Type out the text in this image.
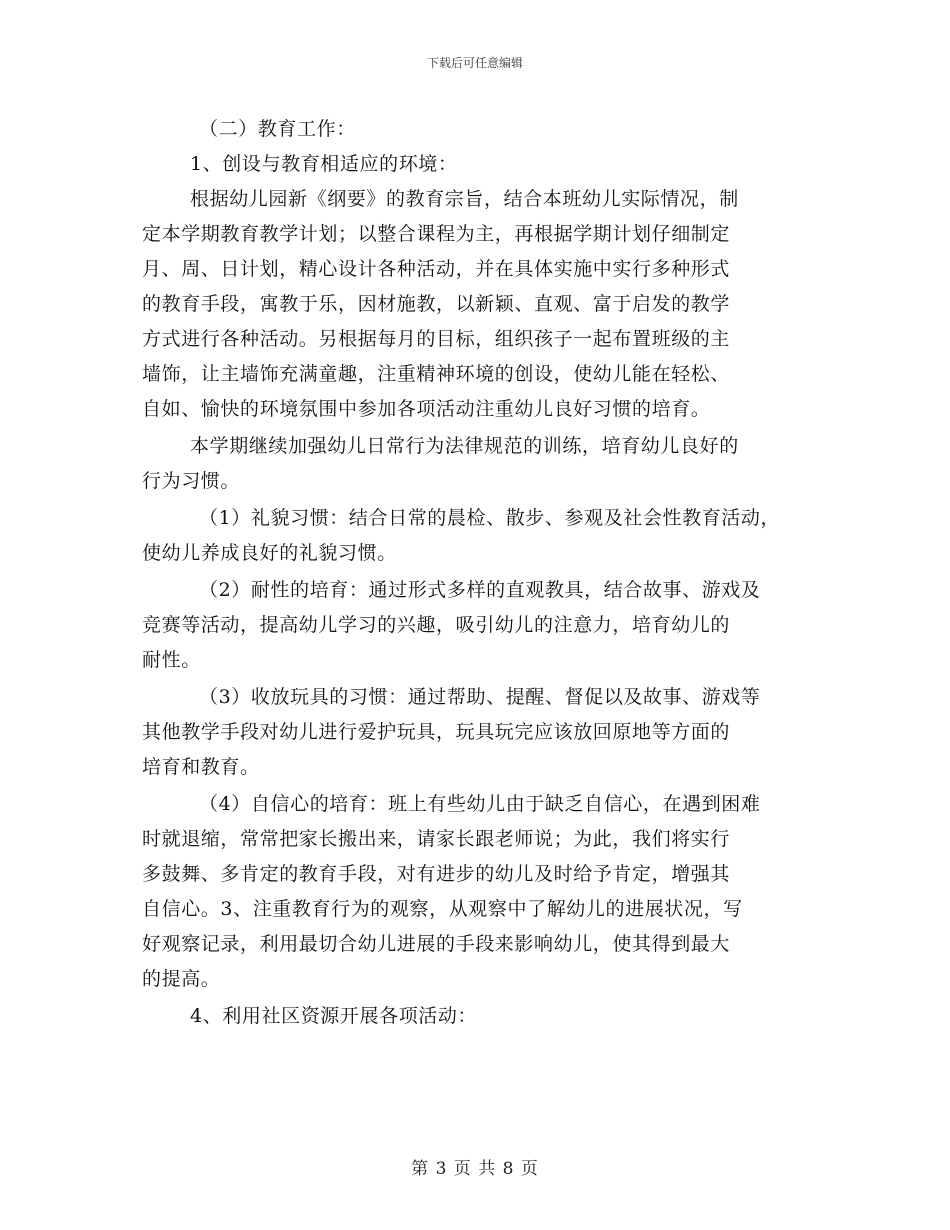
下载后可任意编辑
（二）教育工作：
1、创设与教育相适应的环境：
根据幼儿园新《纲要》的教育宗旨，结合本班幼儿实际情况，制
定本学期教育教学计划；以整合课程为主，再根据学期计划仔细制定
月、周、日计划，精心设计各种活动，并在具体实施中实行多种形式
的教育手段，寓教于乐，因材施教，以新颖、直观、富于启发的教学
方式进行各种活动。另根据每月的目标，组织孩子一起布置班级的主
墙饰，让主墙饰充满童趣，注重精神环境的创设，使幼儿能在轻松、
自如、愉快的环境氛围中参加各项活动注重幼儿良好习惯的培育。
本学期继续加强幼儿日常行为法律规范的训练，培育幼儿良好的
行为习惯。
（1）礼貌习惯：结合日常的晨检、散步、参观及社会性教育活动，
使幼儿养成良好的礼貌习惯。
（2）耐性的培育：通过形式多样的直观教具，结合故事、游戏及
竞赛等活动，提高幼儿学习的兴趣，吸引幼儿的注意力，培育幼儿的
耐性。
（3）收放玩具的习惯：通过帮助、提醒、督促以及故事、游戏等
其他教学手段对幼儿进行爱护玩具，玩具玩完应该放回原地等方面的
培育和教育。
（4）自信心的培育：班上有些幼儿由于缺乏自信心，在遇到困难
时就退缩，常常把家长搬出来，请家长跟老师说；为此，我们将实行
多鼓舞、多肯定的教育手段，对有进步的幼儿及时给予肯定，增强其
自信心。3、注重教育行为的观察，从观察中了解幼儿的进展状况，写
好观察记录，利用最切合幼儿进展的手段来影响幼儿，使其得到最大
的提高。
4、利用社区资源开展各项活动：
第 3 页 共 8 页
